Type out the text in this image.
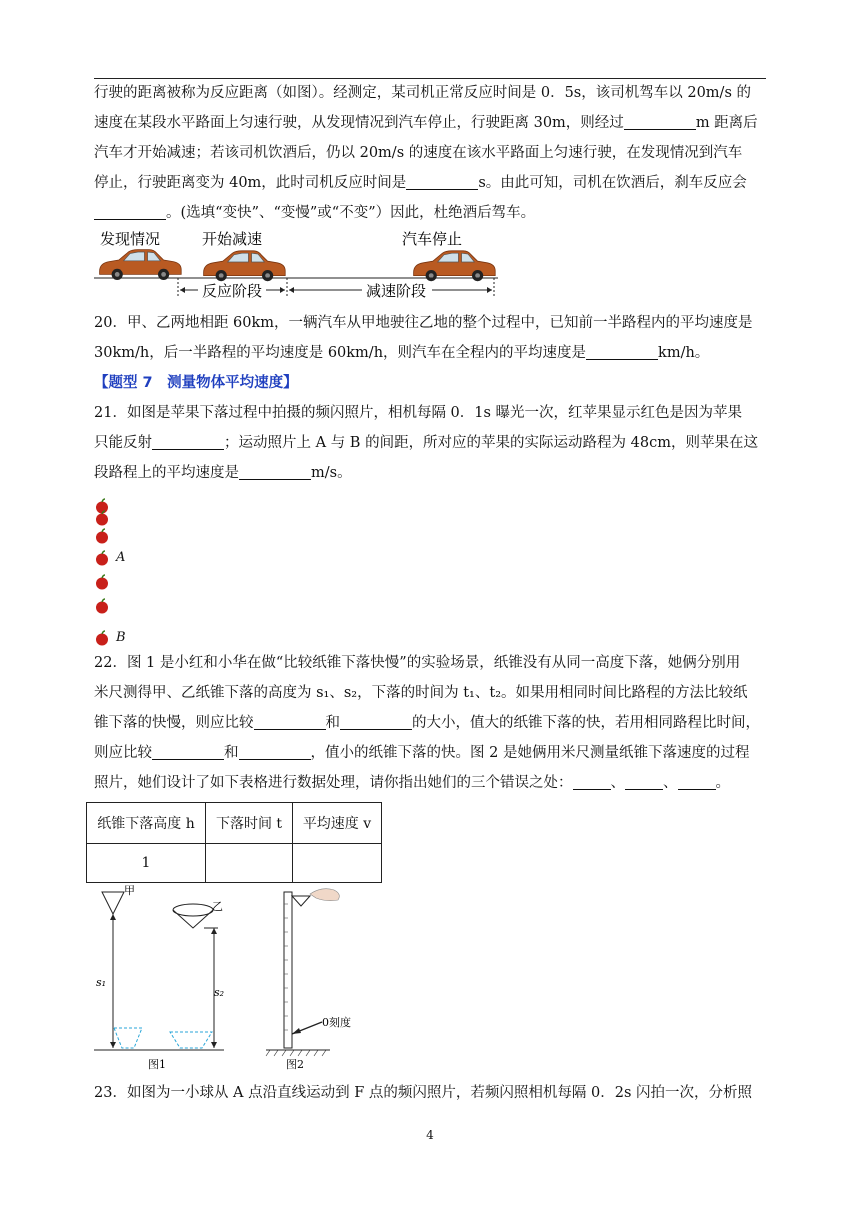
行驶的距离被称为反应距离（如图）。经测定，某司机正常反应时间是 0．5s，该司机驾车以 20m/s 的

速度在某段水平路面上匀速行驶，从发现情况到汽车停止，行驶距离 30m，则经过	m 距离后

汽车才开始减速；若该司机饮酒后，仍以 20m/s 的速度在该水平路面上匀速行驶，在发现情况到汽车

停止，行驶距离变为 40m，此时司机反应时间是	s。由此可知，司机在饮酒后，刹车反应会

。(选填“变快”、“变慢”或“不变”）因此，杜绝酒后驾车。

发现情况	开始减速	汽车停止
反应阶段	减速阶段

20．甲、乙两地相距 60km，一辆汽车从甲地驶往乙地的整个过程中，已知前一半路程内的平均速度是

30km/h，后一半路程的平均速度是 60km/h，则汽车在全程内的平均速度是	km/h。

【题型 7　测量物体平均速度】

21．如图是苹果下落过程中拍摄的频闪照片，相机每隔 0．1s 曝光一次，红苹果显示红色是因为苹果

只能反射	；运动照片上 A 与 B 的间距，所对应的苹果的实际运动路程为 48cm，则苹果在这

段路程上的平均速度是	m/s。

A
B

22．图 1 是小红和小华在做“比较纸锥下落快慢”的实验场景，纸锥没有从同一高度下落，她俩分别用

米尺测得甲、乙纸锥下落的高度为 s₁、s₂，下落的时间为 t₁、t₂。如果用相同时间比路程的方法比较纸

锥下落的快慢，则应比较	和	的大小，值大的纸锥下落的快，若用相同路程比时间，

则应比较	和	，值小的纸锥下落的快。图 2 是她俩用米尺测量纸锥下落速度的过程

照片，她们设计了如下表格进行数据处理，请你指出她们的三个错误之处：	、	、	。

纸锥下落高度 h	下落时间 t	平均速度 v
1		
甲
s₁
乙
s₂
图1
0刻度
图2

23．如图为一小球从 A 点沿直线运动到 F 点的频闪照片，若频闪照相机每隔 0．2s 闪拍一次，分析照

4
